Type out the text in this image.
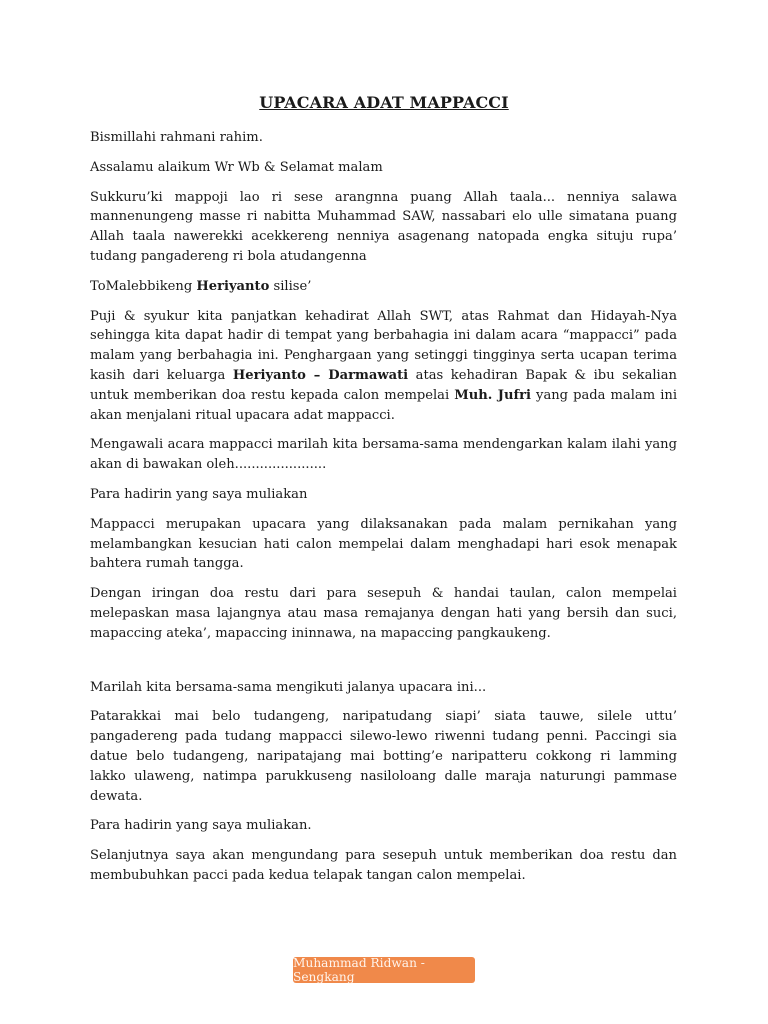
UPACARA ADAT MAPPACCI

Bismillahi rahmani rahim.

Assalamu alaikum Wr Wb & Selamat malam

Sukkuru’ki mappoji lao ri sese arangnna puang Allah taala... nenniya salawa mannenungeng masse ri nabitta Muhammad SAW, nassabari elo ulle simatana puang Allah taala nawerekki acekkereng nenniya asagenang natopada engka situju rupa’ tudang pangadereng ri bola atudangenna

ToMalebbikeng Heriyanto silise’

Puji & syukur kita panjatkan kehadirat Allah SWT, atas Rahmat dan Hidayah-Nya sehingga kita dapat hadir di tempat yang berbahagia ini dalam acara “mappacci” pada malam yang berbahagia ini. Penghargaan yang setinggi tingginya serta ucapan terima kasih dari keluarga Heriyanto – Darmawati atas kehadiran Bapak & ibu sekalian untuk memberikan doa restu kepada calon mempelai Muh. Jufri yang pada malam ini akan menjalani ritual upacara adat mappacci.

Mengawali acara mappacci marilah kita bersama-sama mendengarkan kalam ilahi yang akan di bawakan oleh......................

Para hadirin yang saya muliakan

Mappacci merupakan upacara yang dilaksanakan pada malam pernikahan yang melambangkan kesucian hati calon mempelai dalam menghadapi hari esok menapak bahtera rumah tangga.

Dengan iringan doa restu dari para sesepuh & handai taulan, calon mempelai melepaskan masa lajangnya atau masa remajanya dengan hati yang bersih dan suci, mapaccing ateka’, mapaccing ininnawa, na mapaccing pangkaukeng.

Marilah kita bersama-sama mengikuti jalanya upacara ini...

Patarakkai mai belo tudangeng, naripatudang siapi’ siata tauwe, silele uttu’ pangadereng pada tudang mappacci silewo-lewo riwenni tudang penni. Paccingi sia datue belo tudangeng, naripatajang mai botting’e naripatteru cokkong ri lamming lakko ulaweng, natimpa parukkuseng nasiloloang dalle maraja naturungi pammase dewata.

Para hadirin yang saya muliakan.

Selanjutnya saya akan mengundang para sesepuh untuk memberikan doa restu dan membubuhkan pacci pada kedua telapak tangan calon mempelai.

Muhammad Ridwan - Sengkang
